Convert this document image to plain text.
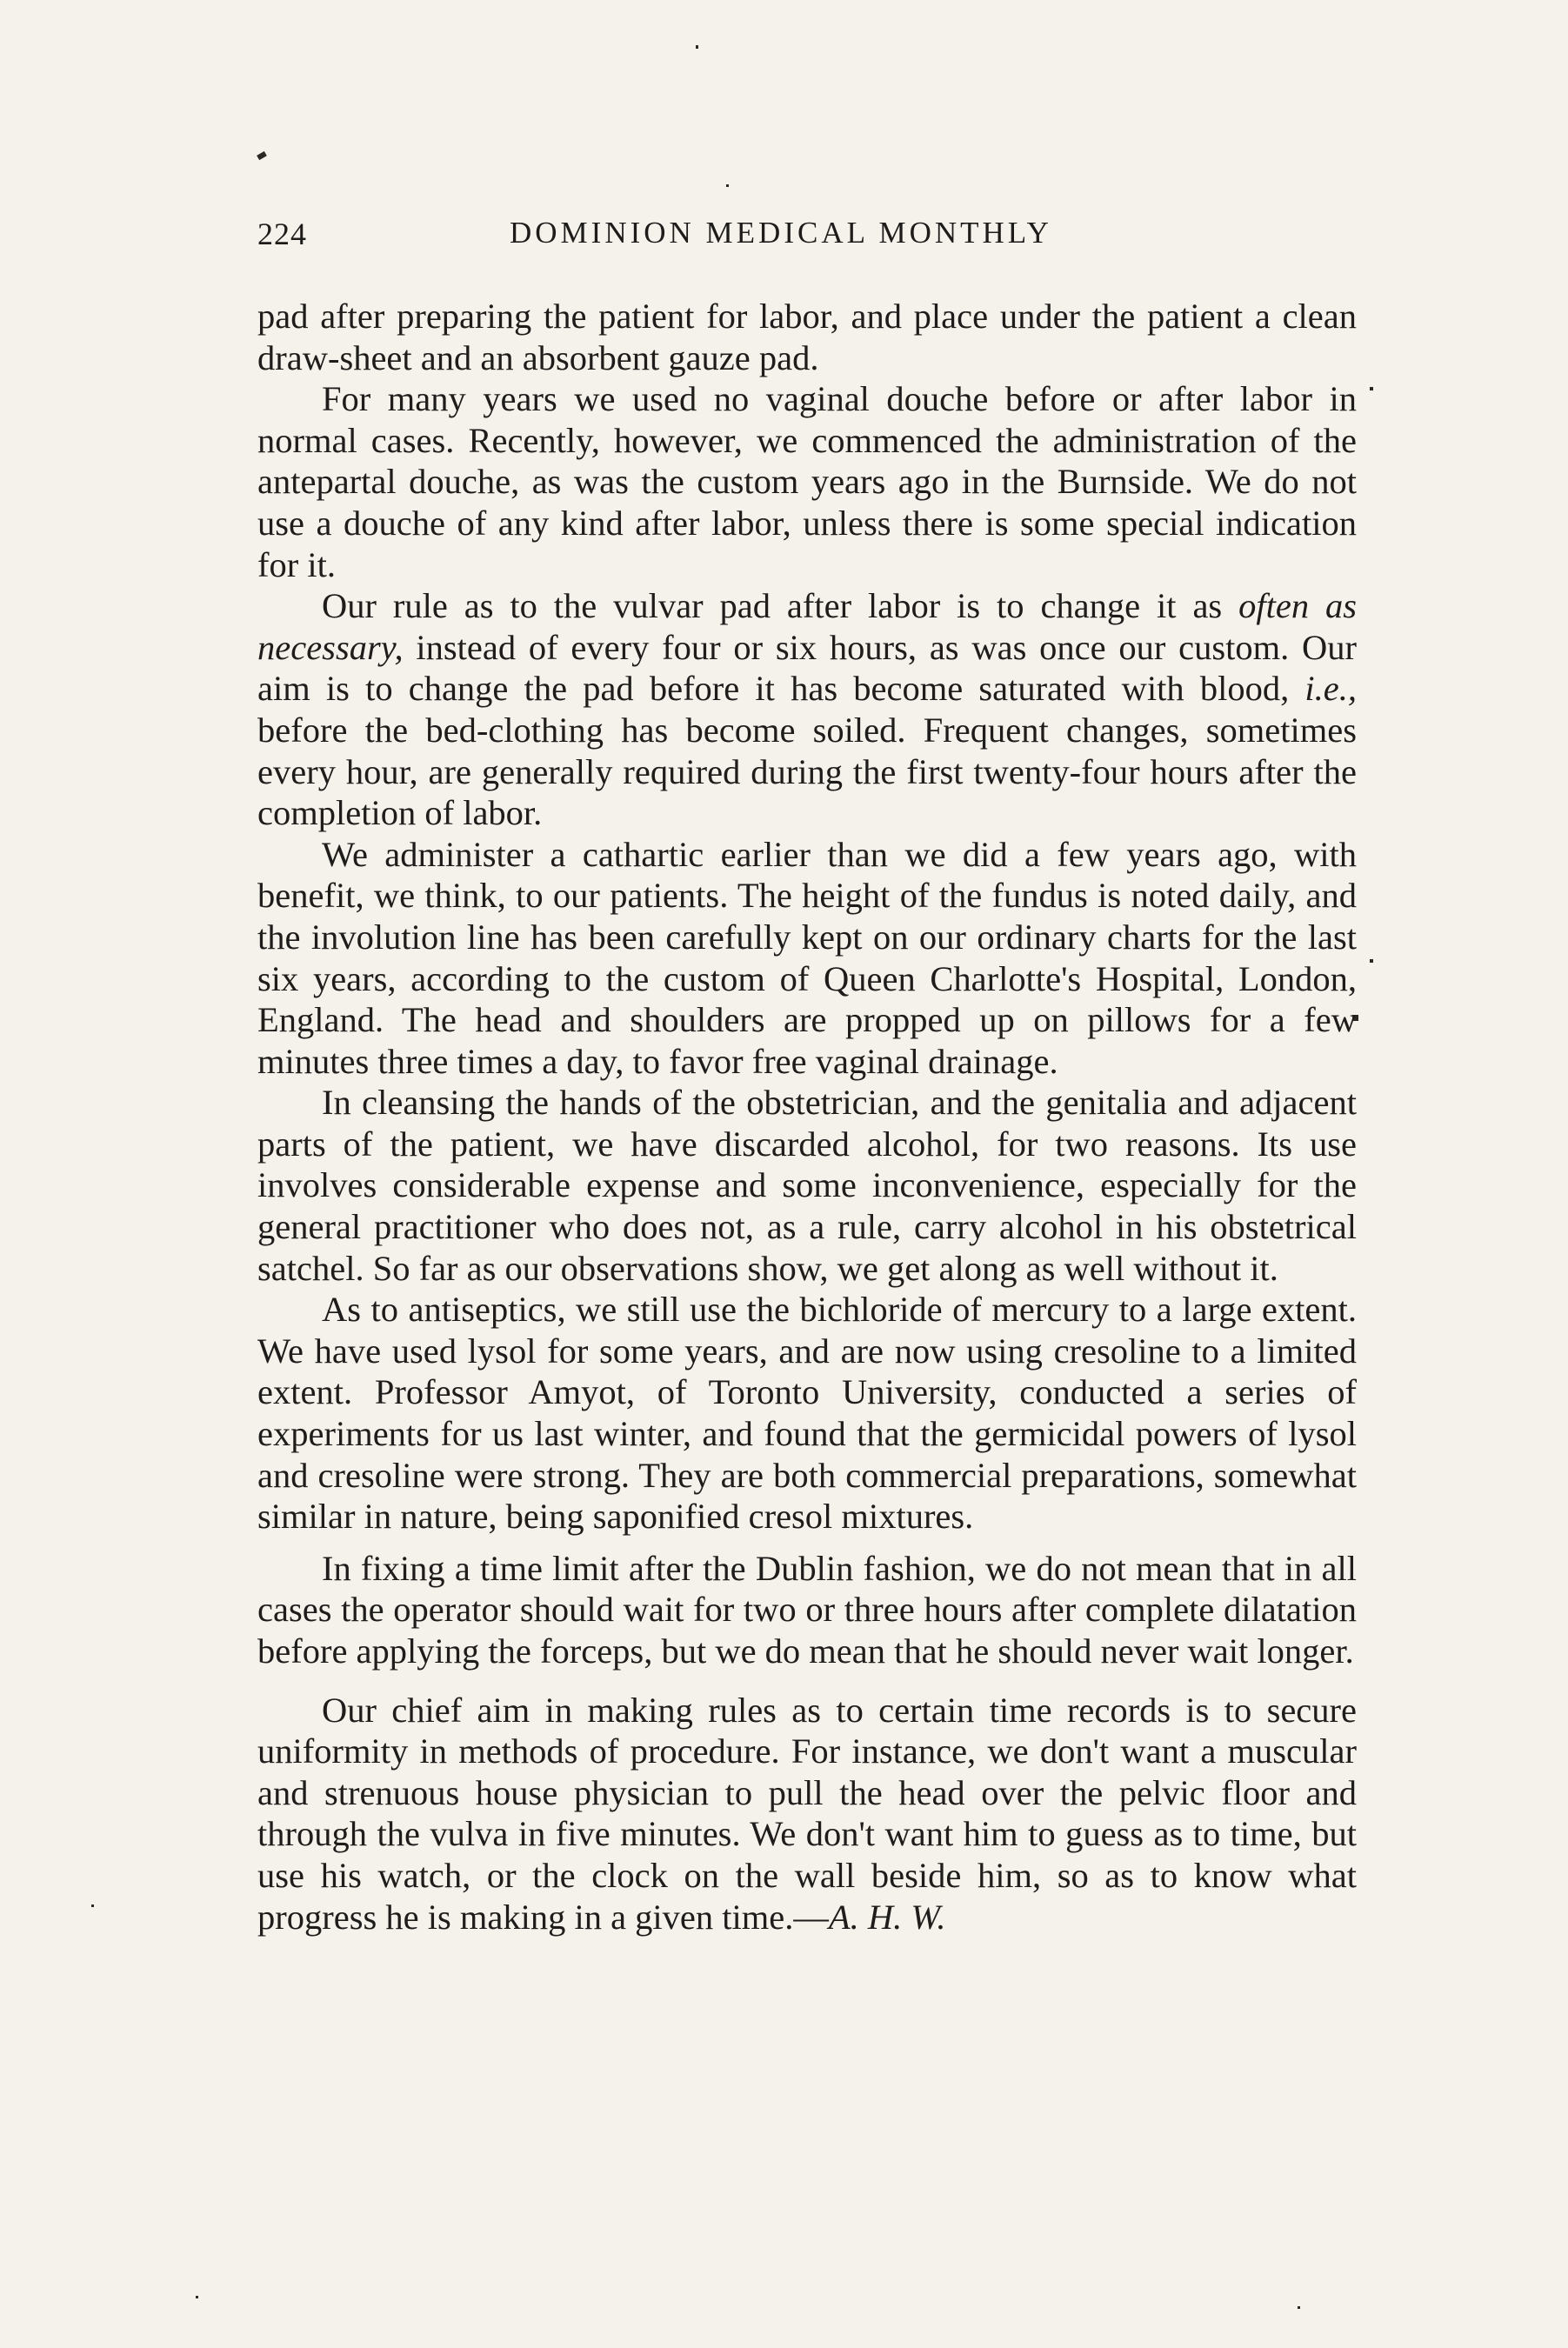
224	DOMINION MEDICAL MONTHLY

pad after preparing the patient for labor, and place under the patient a clean draw-sheet and an absorbent gauze pad.

For many years we used no vaginal douche before or after labor in normal cases. Recently, however, we commenced the administration of the antepartal douche, as was the custom years ago in the Burnside. We do not use a douche of any kind after labor, unless there is some special indication for it.

Our rule as to the vulvar pad after labor is to change it as often as necessary, instead of every four or six hours, as was once our custom. Our aim is to change the pad before it has become saturated with blood, i.e., before the bed-clothing has become soiled. Frequent changes, sometimes every hour, are generally required during the first twenty-four hours after the completion of labor.

We administer a cathartic earlier than we did a few years ago, with benefit, we think, to our patients. The height of the fundus is noted daily, and the involution line has been carefully kept on our ordinary charts for the last six years, according to the custom of Queen Charlotte's Hospital, London, England. The head and shoulders are propped up on pillows for a few minutes three times a day, to favor free vaginal drainage.

In cleansing the hands of the obstetrician, and the genitalia and adjacent parts of the patient, we have discarded alcohol, for two reasons. Its use involves considerable expense and some inconvenience, especially for the general practitioner who does not, as a rule, carry alcohol in his obstetrical satchel. So far as our observations show, we get along as well without it.

As to antiseptics, we still use the bichloride of mercury to a large extent. We have used lysol for some years, and are now using cresoline to a limited extent. Professor Amyot, of Toronto University, conducted a series of experiments for us last winter, and found that the germicidal powers of lysol and cresoline were strong. They are both commercial preparations, somewhat similar in nature, being saponified cresol mixtures.

In fixing a time limit after the Dublin fashion, we do not mean that in all cases the operator should wait for two or three hours after complete dilatation before applying the forceps, but we do mean that he should never wait longer.

Our chief aim in making rules as to certain time records is to secure uniformity in methods of procedure. For instance, we don't want a muscular and strenuous house physician to pull the head over the pelvic floor and through the vulva in five minutes. We don't want him to guess as to time, but use his watch, or the clock on the wall beside him, so as to know what progress he is making in a given time.—A. H. W.
